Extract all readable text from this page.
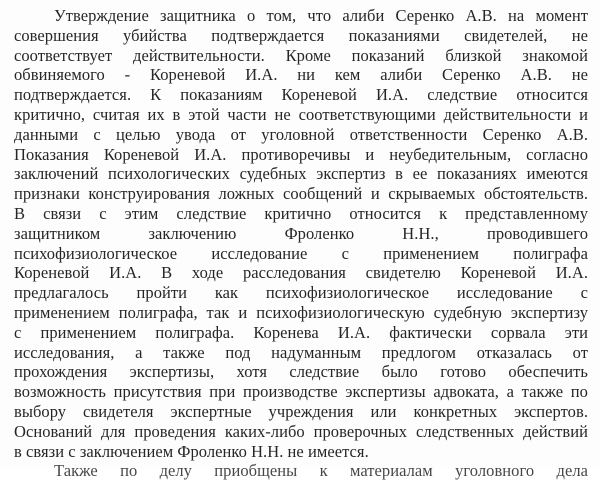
Утверждение защитника о том, что алиби Серенко А.В. на момент
совершения убийства подтверждается показаниями свидетелей, не
соответствует действительности. Кроме показаний близкой знакомой
обвиняемого - Кореневой И.А. ни кем алиби Серенко А.В. не
подтверждается. К показаниям Кореневой И.А. следствие относится
критично, считая их в этой части не соответствующими действительности и
данными с целью увода от уголовной ответственности Серенко А.В.
Показания Кореневой И.А. противоречивы и неубедительным, согласно
заключений психологических судебных экспертиз в ее показаниях имеются
признаки конструирования ложных сообщений и скрываемых обстоятельств.
В связи с этим следствие критично относится к представленному
защитником заключению Фроленко Н.Н., проводившего
психофизиологическое исследование с применением полиграфа
Кореневой И.А. В ходе расследования свидетелю Кореневой И.А.
предлагалось пройти как психофизиологическое исследование с
применением полиграфа, так и психофизиологическую судебную экспертизу
с применением полиграфа. Коренева И.А. фактически сорвала эти
исследования, а также под надуманным предлогом отказалась от
прохождения экспертизы, хотя следствие было готово обеспечить
возможность присутствия при производстве экспертизы адвоката, а также по
выбору свидетеля экспертные учреждения или конкретных экспертов.
Оснований для проведения каких-либо проверочных следственных действий
в связи с заключением Фроленко Н.Н. не имеется.
Также по делу приобщены к материалам уголовного дела
